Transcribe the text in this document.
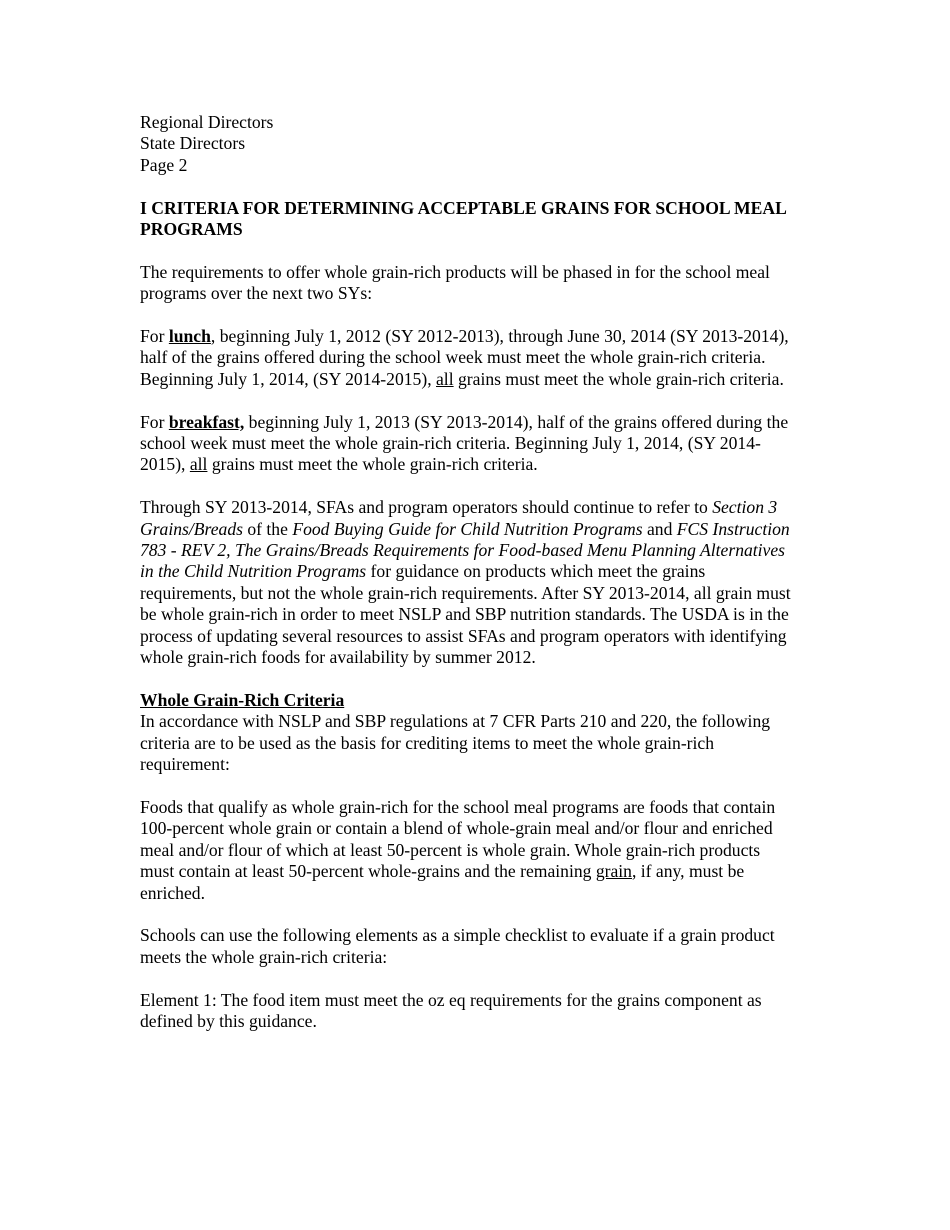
Regional Directors
State Directors
Page 2
I CRITERIA FOR DETERMINING ACCEPTABLE GRAINS FOR SCHOOL MEAL
PROGRAMS
The requirements to offer whole grain-rich products will be phased in for the school meal
programs over the next two SYs:
For lunch, beginning July 1, 2012 (SY 2012-2013), through June 30, 2014 (SY 2013-2014),
half of the grains offered during the school week must meet the whole grain-rich criteria.
Beginning July 1, 2014, (SY 2014-2015), all grains must meet the whole grain-rich criteria.
For breakfast, beginning July 1, 2013 (SY 2013-2014), half of the grains offered during the
school week must meet the whole grain-rich criteria. Beginning July 1, 2014, (SY 2014-
2015), all grains must meet the whole grain-rich criteria.
Through SY 2013-2014, SFAs and program operators should continue to refer to Section 3
Grains/Breads of the Food Buying Guide for Child Nutrition Programs and FCS Instruction
783 - REV 2, The Grains/Breads Requirements for Food-based Menu Planning Alternatives
in the Child Nutrition Programs for guidance on products which meet the grains
requirements, but not the whole grain-rich requirements. After SY 2013-2014, all grain must
be whole grain-rich in order to meet NSLP and SBP nutrition standards. The USDA is in the
process of updating several resources to assist SFAs and program operators with identifying
whole grain-rich foods for availability by summer 2012.
Whole Grain-Rich Criteria
In accordance with NSLP and SBP regulations at 7 CFR Parts 210 and 220, the following
criteria are to be used as the basis for crediting items to meet the whole grain-rich
requirement:
Foods that qualify as whole grain-rich for the school meal programs are foods that contain
100-percent whole grain or contain a blend of whole-grain meal and/or flour and enriched
meal and/or flour of which at least 50-percent is whole grain. Whole grain-rich products
must contain at least 50-percent whole-grains and the remaining grain, if any, must be
enriched.
Schools can use the following elements as a simple checklist to evaluate if a grain product
meets the whole grain-rich criteria:
Element 1: The food item must meet the oz eq requirements for the grains component as
defined by this guidance.
